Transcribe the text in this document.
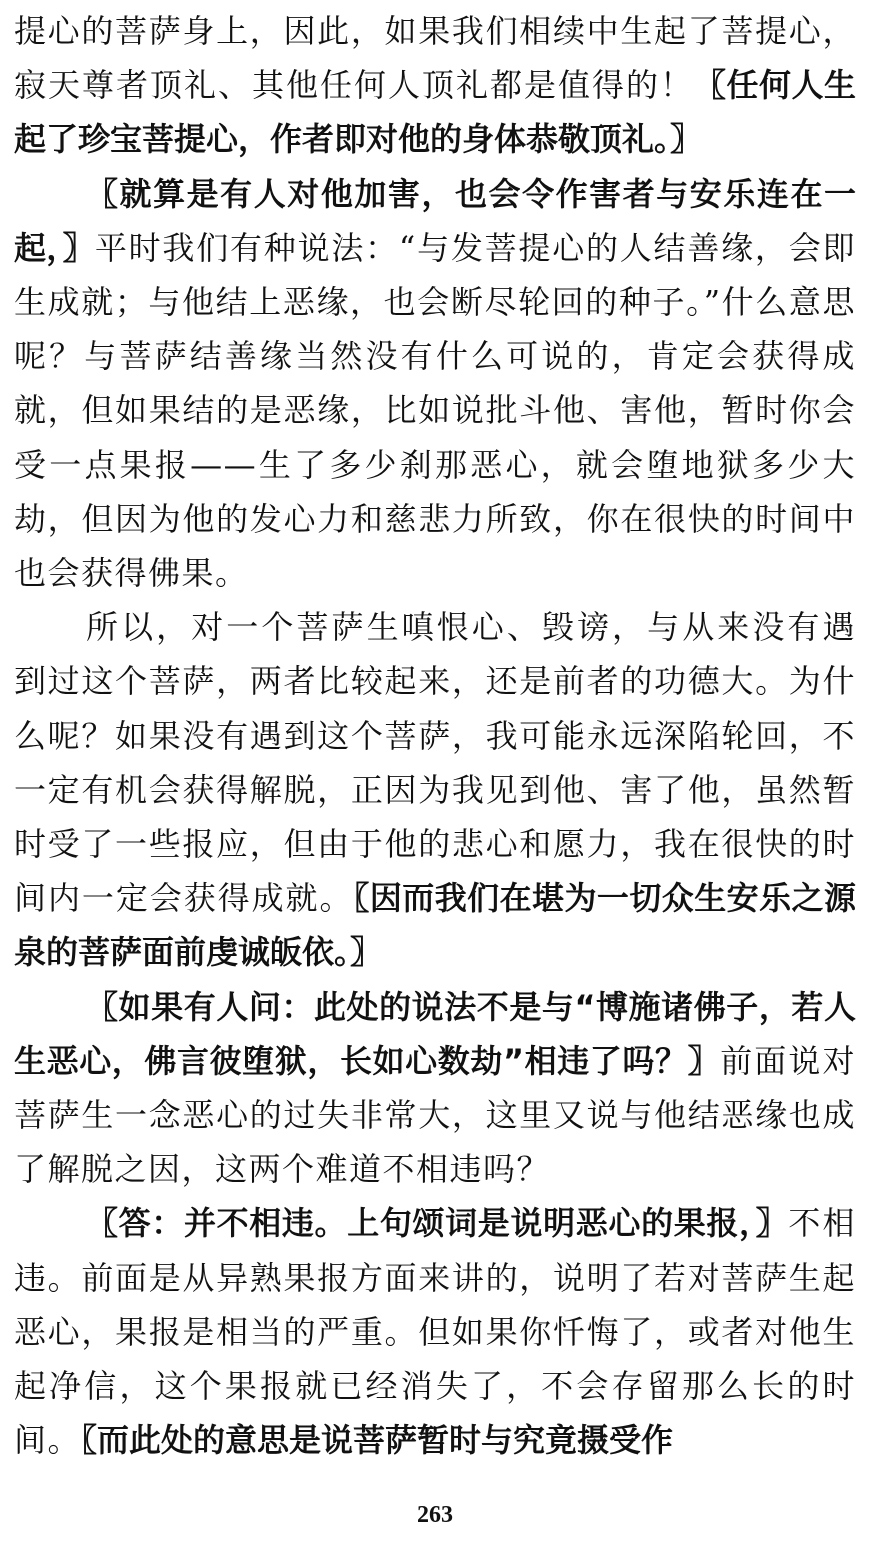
提心的菩萨身上，因此，如果我们相续中生起了菩提心，寂天尊者顶礼、其他任何人顶礼都是值得的！〖任何人生起了珍宝菩提心，作者即对他的身体恭敬顶礼。〗

〖就算是有人对他加害，也会令作害者与安乐连在一起，〗平时我们有种说法：“与发菩提心的人结善缘，会即生成就；与他结上恶缘，也会断尽轮回的种子。”什么意思呢？与菩萨结善缘当然没有什么可说的，肯定会获得成就，但如果结的是恶缘，比如说批斗他、害他，暂时你会受一点果报——生了多少刹那恶心，就会堕地狱多少大劫，但因为他的发心力和慈悲力所致，你在很快的时间中也会获得佛果。

所以，对一个菩萨生嗔恨心、毁谤，与从来没有遇到过这个菩萨，两者比较起来，还是前者的功德大。为什么呢？如果没有遇到这个菩萨，我可能永远深陷轮回，不一定有机会获得解脱，正因为我见到他、害了他，虽然暂时受了一些报应，但由于他的悲心和愿力，我在很快的时间内一定会获得成就。〖因而我们在堪为一切众生安乐之源泉的菩萨面前虔诚皈依。〗

〖如果有人问：此处的说法不是与“博施诸佛子，若人生恶心，佛言彼堕狱，长如心数劫”相违了吗？〗前面说对菩萨生一念恶心的过失非常大，这里又说与他结恶缘也成了解脱之因，这两个难道不相违吗？

〖答：并不相违。上句颂词是说明恶心的果报，〗不相违。前面是从异熟果报方面来讲的，说明了若对菩萨生起恶心，果报是相当的严重。但如果你忏悔了，或者对他生起净信，这个果报就已经消失了，不会存留那么长的时间。〖而此处的意思是说菩萨暂时与究竟摄受作

263
